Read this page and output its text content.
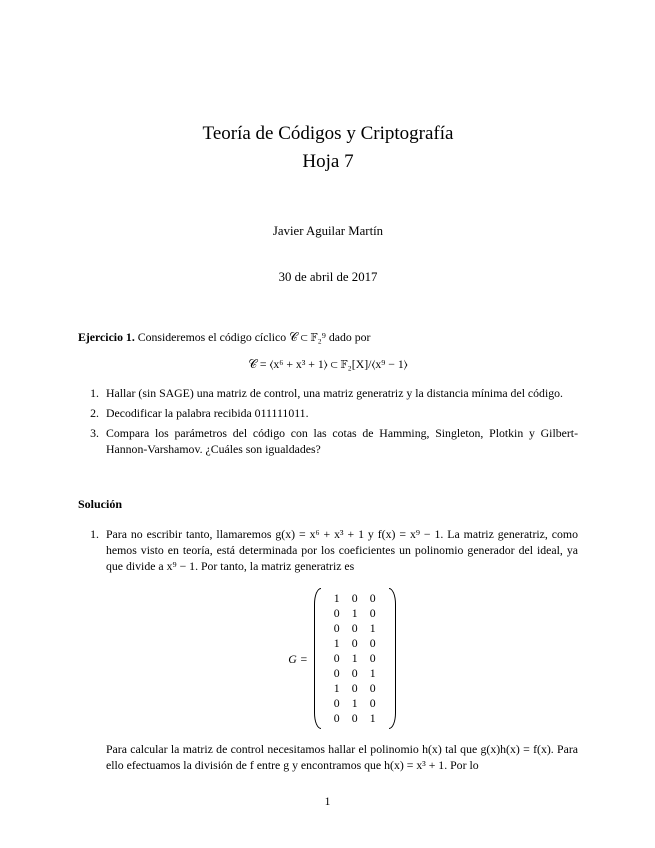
Teoría de Códigos y Criptografía
Hoja 7
Javier Aguilar Martín
30 de abril de 2017

Ejercicio 1. Consideremos el código cíclico 𝒞 ⊂ 𝔽₂⁹ dado por

𝒞 = ⟨x⁶ + x³ + 1⟩ ⊂ 𝔽₂[X]/⟨x⁹ − 1⟩
1. Hallar (sin SAGE) una matriz de control, una matriz generatriz y la distancia mínima del código.
2. Decodificar la palabra recibida 011111011.
3. Compara los parámetros del código con las cotas de Hamming, Singleton, Plotkin y Gilbert-Hannon-Varshamov. ¿Cuáles son igualdades?
Solución
1. Para no escribir tanto, llamaremos g(x) = x⁶ + x³ + 1 y f(x) = x⁹ − 1. La matriz generatriz, como hemos visto en teoría, está determinada por los coeficientes un polinomio generador del ideal, ya que divide a x⁹ − 1. Por tanto, la matriz generatriz es

G =
1	0	0
0	1	0
0	0	1
1	0	0
0	1	0
0	0	1
1	0	0
0	1	0
0	0	1

Para calcular la matriz de control necesitamos hallar el polinomio h(x) tal que g(x)h(x) = f(x). Para ello efectuamos la división de f entre g y encontramos que h(x) = x³ + 1. Por lo

1
